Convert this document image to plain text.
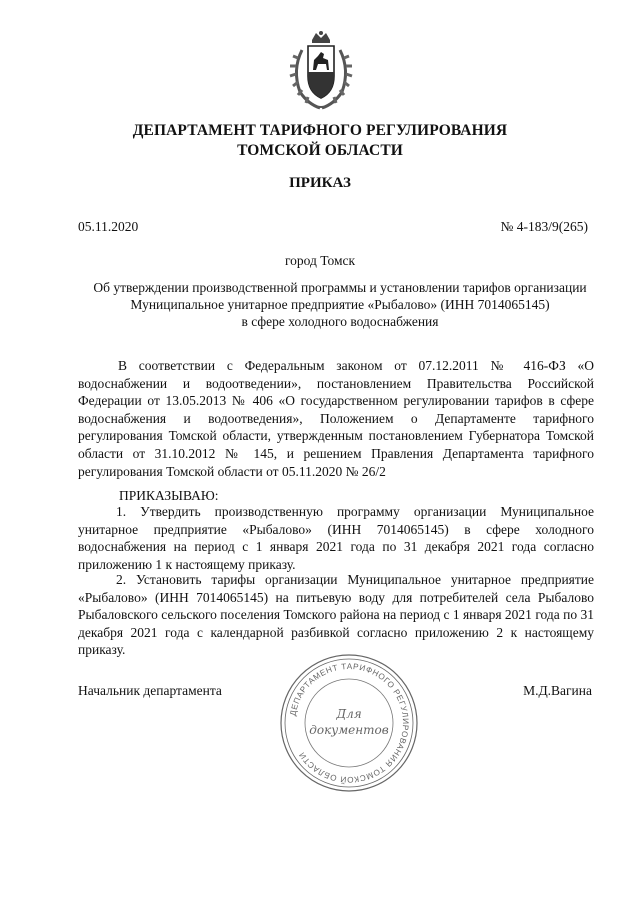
ДЕПАРТАМЕНТ ТАРИФНОГО РЕГУЛИРОВАНИЯ
ТОМСКОЙ ОБЛАСТИ
ПРИКАЗ
05.11.2020	№ 4-183/9(265)
город Томск
Об утверждении производственной программы и установлении тарифов организации
Муниципальное унитарное предприятие «Рыбалово» (ИНН 7014065145)
в сфере холодного водоснабжения

В соответствии с Федеральным законом от 07.12.2011 № 416-ФЗ «О водоснабжении и водоотведении», постановлением Правительства Российской Федерации от 13.05.2013 № 406 «О государственном регулировании тарифов в сфере водоснабжения и водоотведения», Положением о Департаменте тарифного регулирования Томской области, утвержденным постановлением Губернатора Томской области от 31.10.2012 № 145, и решением Правления Департамента тарифного регулирования Томской области от 05.11.2020 № 26/2

ПРИКАЗЫВАЮ:

1. Утвердить производственную программу организации Муниципальное унитарное предприятие «Рыбалово» (ИНН 7014065145) в сфере холодного водоснабжения на период с 1 января 2021 года по 31 декабря 2021 года согласно приложению 1 к настоящему приказу.

2. Установить тарифы организации Муниципальное унитарное предприятие «Рыбалово» (ИНН 7014065145) на питьевую воду для потребителей села Рыбалово Рыбаловского сельского поселения Томского района на период с 1 января 2021 года по 31 декабря 2021 года с календарной разбивкой согласно приложению 2 к настоящему приказу.

Начальник департамента	М.Д.Вагина
ДЕПАРТАМЕНТ ТАРИФНОГО РЕГУЛИРОВАНИЯ ТОМСКОЙ ОБЛАСТИ
Для
документов
